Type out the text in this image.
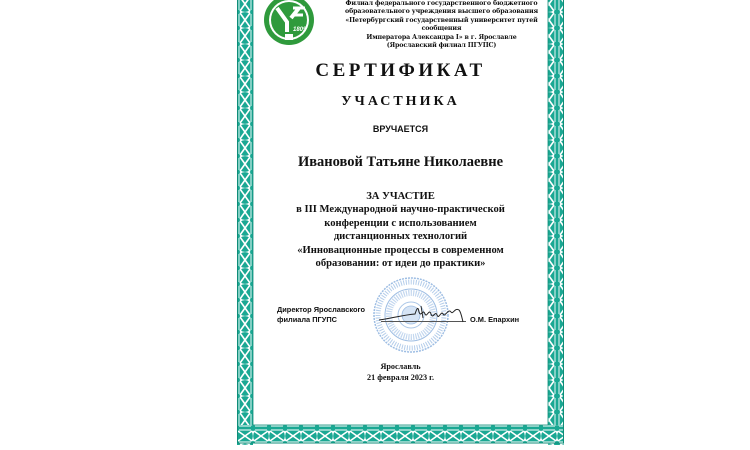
1809
Филиал федерального государственного бюджетного
образовательного учреждения высшего образования
«Петербургский государственный университет путей сообщения
Императора Александра I» в г. Ярославле
(Ярославский филиал ПГУПС)
СЕРТИФИКАТ
УЧАСТНИКА
ВРУЧАЕТСЯ
Ивановой Татьяне Николаевне
ЗА УЧАСТИЕ
в III Международной научно-практической
конференции с использованием
дистанционных технологий
«Инновационные процессы в современном
образовании: от идеи до практики»
Директор Ярославского
филиала ПГУПС	О.М. Епархин
Ярославль
21 февраля 2023 г.
